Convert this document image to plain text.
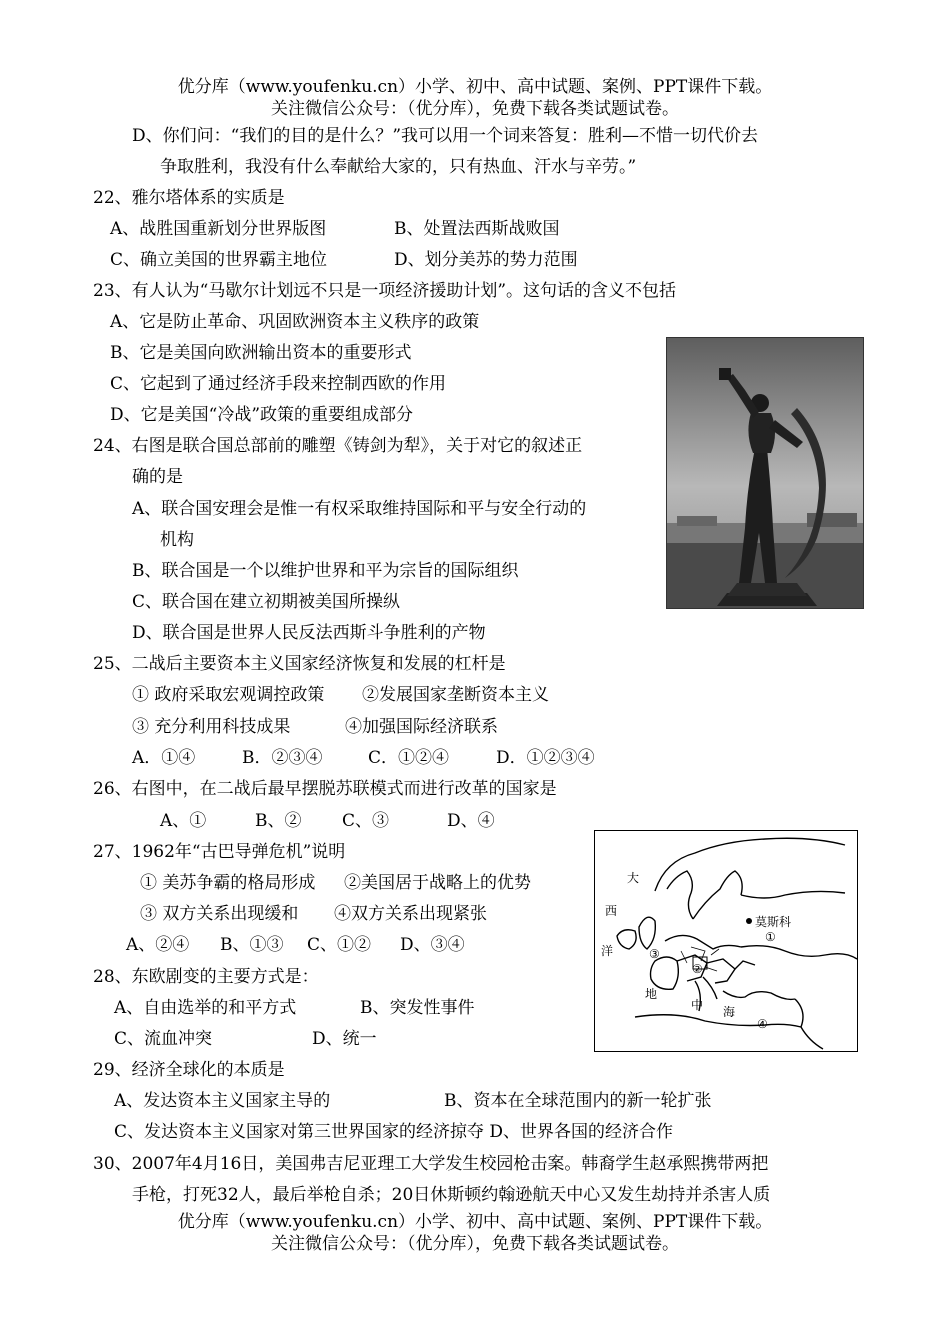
优分库（www.youfenku.cn）小学、初中、高中试题、案例、PPT课件下载。
关注微信公众号：（优分库），免费下载各类试题试卷。
D、你们问：“我们的目的是什么？”我可以用一个词来答复：胜利—不惜一切代价去
争取胜利，我没有什么奉献给大家的，只有热血、汗水与辛劳。”
22、雅尔塔体系的实质是
A、战胜国重新划分世界版图	B、处置法西斯战败国
C、确立美国的世界霸主地位	D、划分美苏的势力范围
23、有人认为“马歇尔计划远不只是一项经济援助计划”。这句话的含义不包括
A、它是防止革命、巩固欧洲资本主义秩序的政策
B、它是美国向欧洲输出资本的重要形式
C、它起到了通过经济手段来控制西欧的作用
D、它是美国“冷战”政策的重要组成部分
24、右图是联合国总部前的雕塑《铸剑为犁》，关于对它的叙述正
确的是
A、联合国安理会是惟一有权采取维持国际和平与安全行动的
机构
B、联合国是一个以维护世界和平为宗旨的国际组织
C、联合国在建立初期被美国所操纵
D、联合国是世界人民反法西斯斗争胜利的产物
25、二战后主要资本主义国家经济恢复和发展的杠杆是
① 政府采取宏观调控政策 ②发展国家垄断资本主义
③ 充分利用科技成果	④加强国际经济联系
A．①④	B．②③④	C．①②④	D．①②③④
26、右图中，在二战后最早摆脱苏联模式而进行改革的国家是
A、①	B、② C、③	D、④
大
西
洋
莫斯科
①
③
②
地
中 海
④
27、1962年“古巴导弹危机”说明
① 美苏争霸的格局形成 ②美国居于战略上的优势
③ 双方关系出现缓和 ④双方关系出现紧张
A、②④ B、①③ C、①② D、③④
28、东欧剧变的主要方式是：
A、自由选举的和平方式	B、突发性事件
C、流血冲突	D、统一
29、经济全球化的本质是
A、发达资本主义国家主导的	B、资本在全球范围内的新一轮扩张
C、发达资本主义国家对第三世界国家的经济掠夺 D、世界各国的经济合作
30、2007年4月16日，美国弗吉尼亚理工大学发生校园枪击案。韩裔学生赵承熙携带两把
手枪，打死32人，最后举枪自杀；20日休斯顿约翰逊航天中心又发生劫持并杀害人质
优分库（www.youfenku.cn）小学、初中、高中试题、案例、PPT课件下载。
关注微信公众号：（优分库），免费下载各类试题试卷。
